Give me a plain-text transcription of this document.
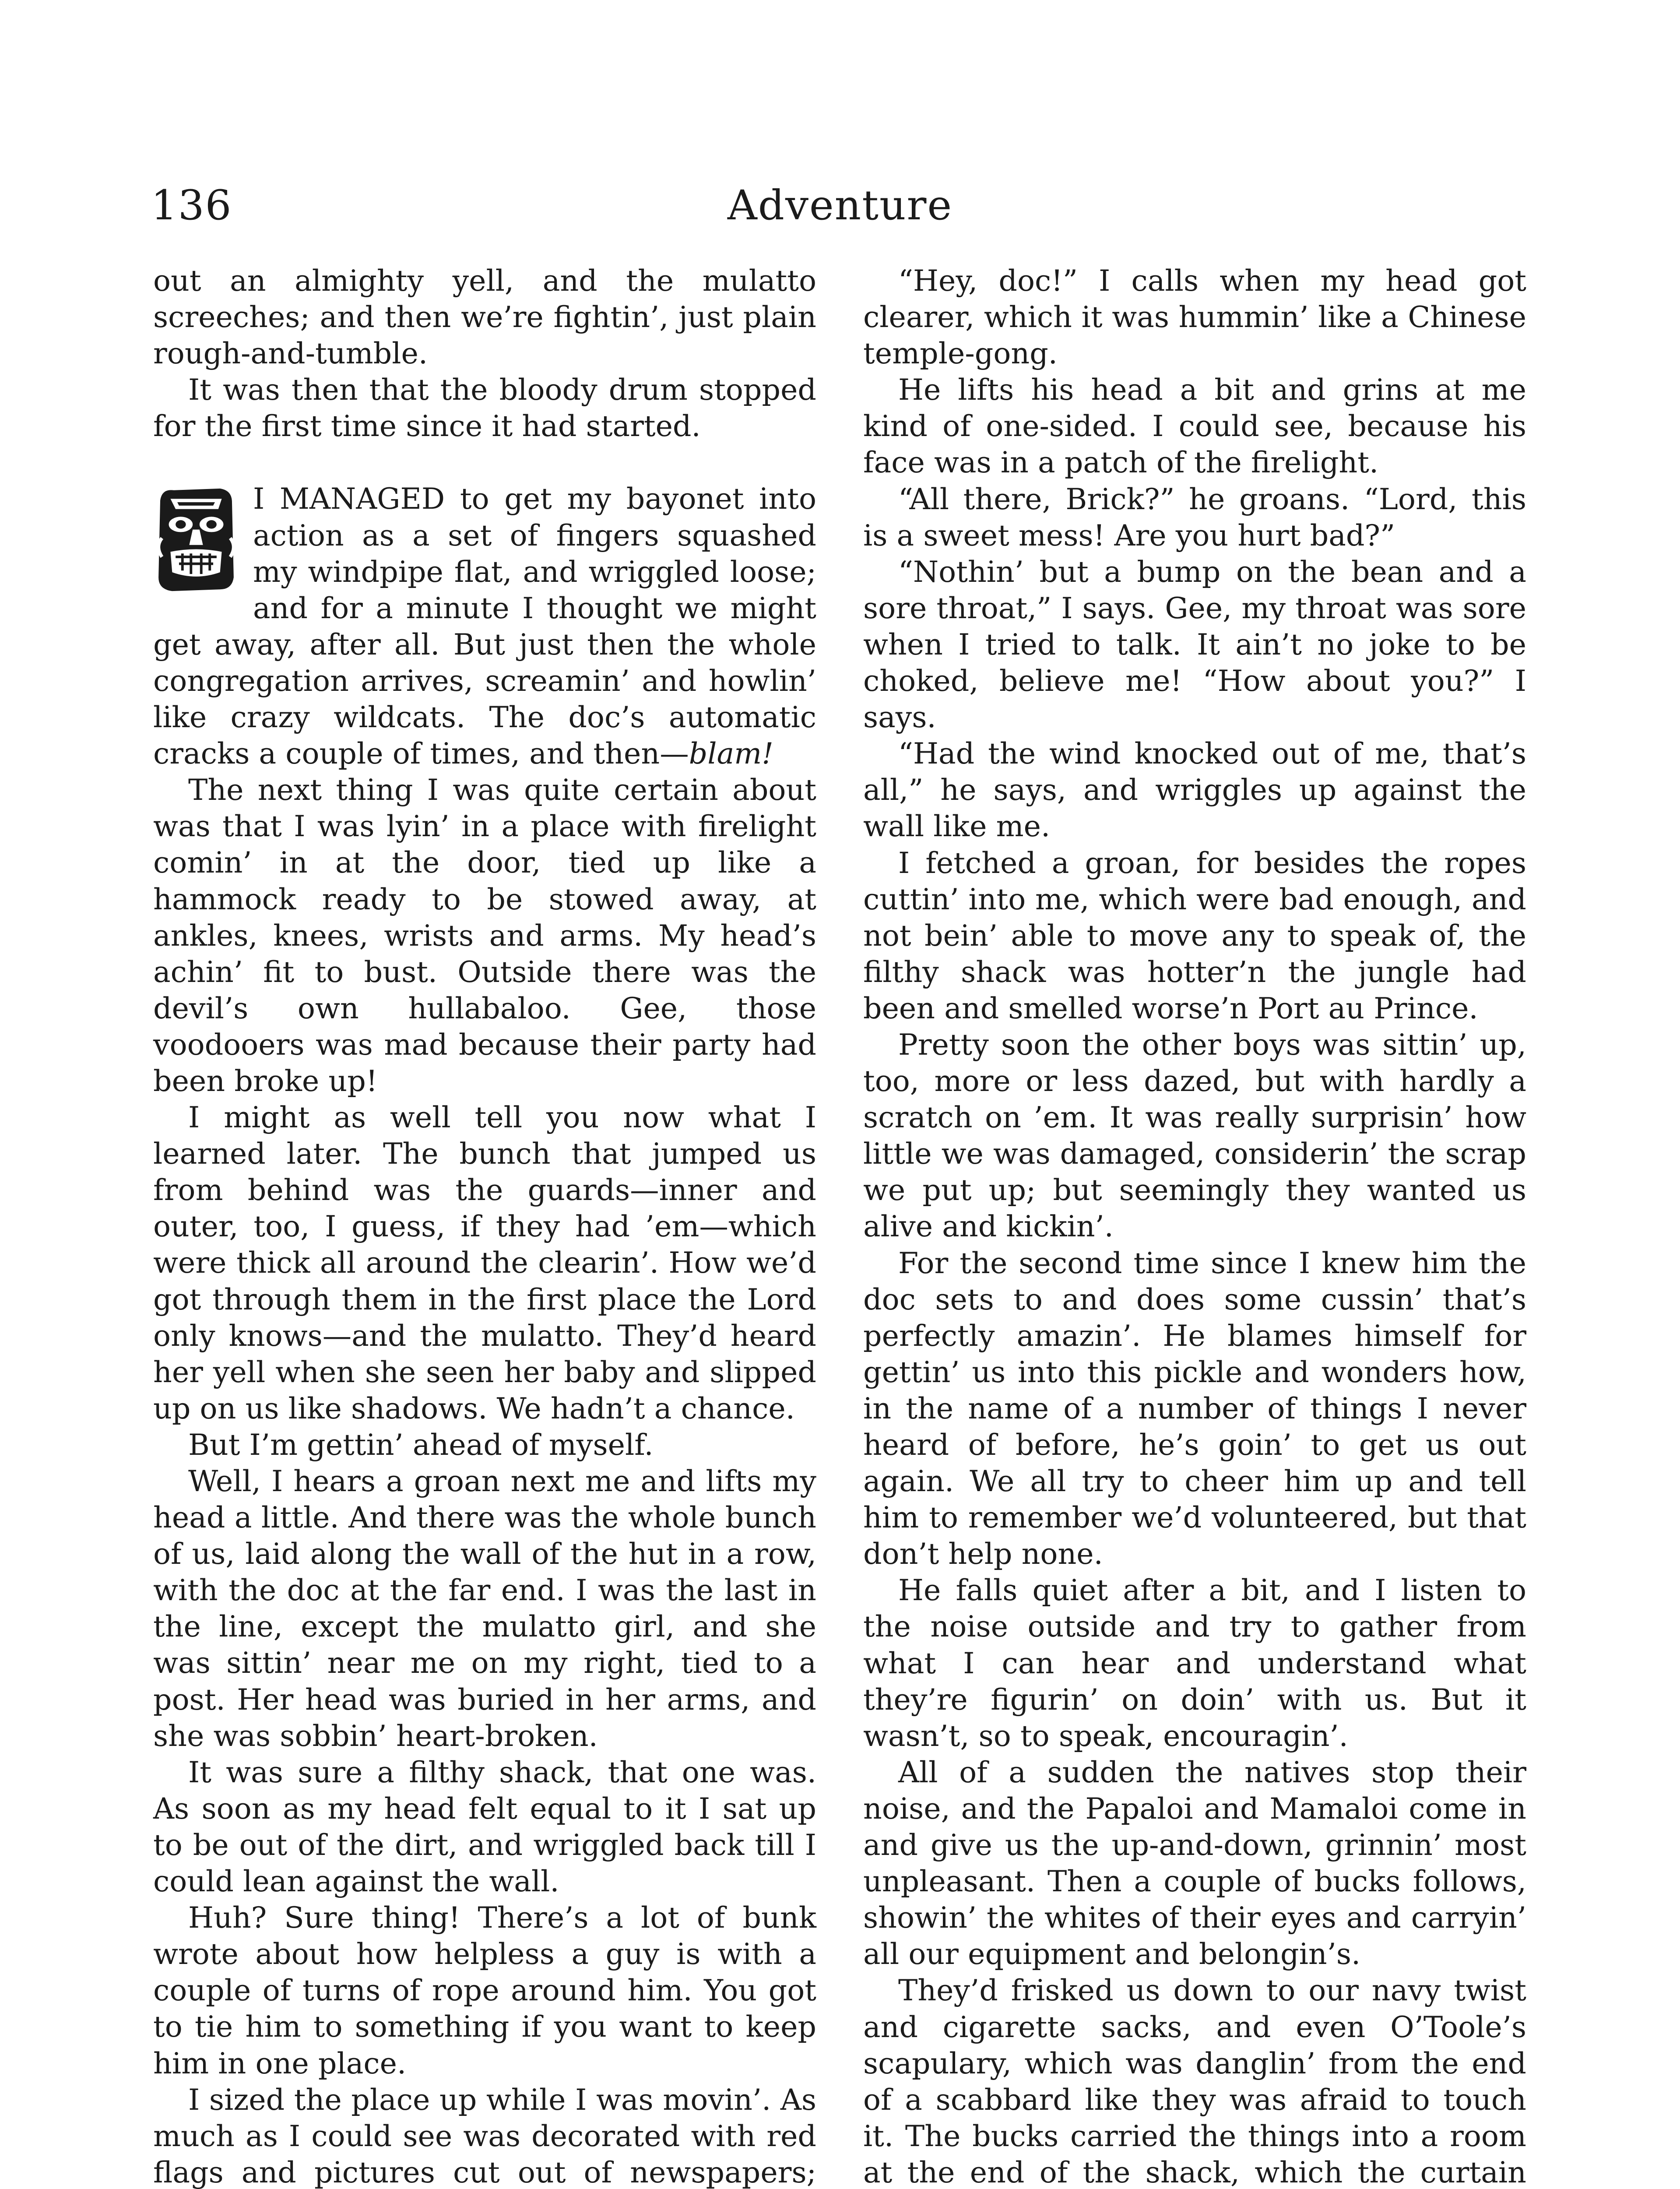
136	Adventure

out an almighty yell, and the mulatto screeches; and then we’re fightin’, just plain rough-and-tumble.

It was then that the bloody drum stopped for the first time since it had started.

I MANAGED to get my bayonet into action as a set of fingers squashed my windpipe flat, and wriggled loose; and for a minute I thought we might get away, after all. But just then the whole congregation arrives, screamin’ and howlin’ like crazy wildcats. The doc’s automatic cracks a couple of times, and then—blam!

The next thing I was quite certain about was that I was lyin’ in a place with firelight comin’ in at the door, tied up like a hammock ready to be stowed away, at ankles, knees, wrists and arms. My head’s achin’ fit to bust. Outside there was the devil’s own hullabaloo. Gee, those voodooers was mad because their party had been broke up!

I might as well tell you now what I learned later. The bunch that jumped us from behind was the guards—inner and outer, too, I guess, if they had ’em—which were thick all around the clearin’. How we’d got through them in the first place the Lord only knows—and the mulatto. They’d heard her yell when she seen her baby and slipped up on us like shadows. We hadn’t a chance.

But I’m gettin’ ahead of myself.

Well, I hears a groan next me and lifts my head a little. And there was the whole bunch of us, laid along the wall of the hut in a row, with the doc at the far end. I was the last in the line, except the mulatto girl, and she was sittin’ near me on my right, tied to a post. Her head was buried in her arms, and she was sobbin’ heart-broken.

It was sure a filthy shack, that one was. As soon as my head felt equal to it I sat up to be out of the dirt, and wriggled back till I could lean against the wall.

Huh? Sure thing! There’s a lot of bunk wrote about how helpless a guy is with a couple of turns of rope around him. You got to tie him to something if you want to keep him in one place.

I sized the place up while I was movin’. As much as I could see was decorated with red flags and pictures cut out of newspapers;

“Hey, doc!” I calls when my head got clearer, which it was hummin’ like a Chinese temple-gong.

He lifts his head a bit and grins at me kind of one-sided. I could see, because his face was in a patch of the firelight.

“All there, Brick?” he groans. “Lord, this is a sweet mess! Are you hurt bad?”

“Nothin’ but a bump on the bean and a sore throat,” I says. Gee, my throat was sore when I tried to talk. It ain’t no joke to be choked, believe me! “How about you?” I says.

“Had the wind knocked out of me, that’s all,” he says, and wriggles up against the wall like me.

I fetched a groan, for besides the ropes cuttin’ into me, which were bad enough, and not bein’ able to move any to speak of, the filthy shack was hotter’n the jungle had been and smelled worse’n Port au Prince.

Pretty soon the other boys was sittin’ up, too, more or less dazed, but with hardly a scratch on ’em. It was really surprisin’ how little we was damaged, considerin’ the scrap we put up; but seemingly they wanted us alive and kickin’.

For the second time since I knew him the doc sets to and does some cussin’ that’s perfectly amazin’. He blames himself for gettin’ us into this pickle and wonders how, in the name of a number of things I never heard of before, he’s goin’ to get us out again. We all try to cheer him up and tell him to remember we’d volunteered, but that don’t help none.

He falls quiet after a bit, and I listen to the noise outside and try to gather from what I can hear and understand what they’re figurin’ on doin’ with us. But it wasn’t, so to speak, encouragin’.

All of a sudden the natives stop their noise, and the Papaloi and Mamaloi come in and give us the up-and-down, grinnin’ most unpleasant. Then a couple of bucks follows, showin’ the whites of their eyes and carryin’ all our equipment and belongin’s.

They’d frisked us down to our navy twist and cigarette sacks, and even O’Toole’s scapulary, which was danglin’ from the end of a scabbard like they was afraid to touch it. The bucks carried the things into a room at the end of the shack, which the curtain
